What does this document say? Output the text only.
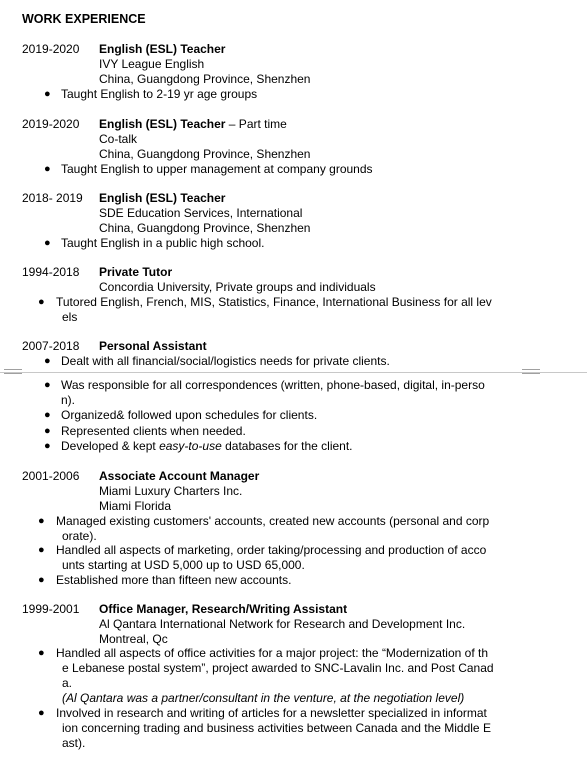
WORK EXPERIENCE
2019-2020 English (ESL) Teacher
IVY League English
China, Guangdong Province, Shenzhen
● Taught English to 2-19 yr age groups
2019-2020 English (ESL) Teacher – Part time
Co-talk
China, Guangdong Province, Shenzhen
● Taught English to upper management at company grounds
2018- 2019 English (ESL) Teacher
SDE Education Services, International
China, Guangdong Province, Shenzhen
● Taught English in a public high school.
1994-2018 Private Tutor
Concordia University, Private groups and individuals
● Tutored English, French, MIS, Statistics, Finance, International Business for all lev
els
2007-2018 Personal Assistant
● Dealt with all financial/social/logistics needs for private clients.
● Was responsible for all correspondences (written, phone-based, digital, in-perso
n).
● Organized& followed upon schedules for clients.
● Represented clients when needed.
● Developed & kept easy-to-use databases for the client.
2001-2006 Associate Account Manager
Miami Luxury Charters Inc.
Miami Florida
● Managed existing customers' accounts, created new accounts (personal and corp
orate).
● Handled all aspects of marketing, order taking/processing and production of acco
unts starting at USD 5,000 up to USD 65,000.
● Established more than fifteen new accounts.
1999-2001 Office Manager, Research/Writing Assistant
Al Qantara International Network for Research and Development Inc.
Montreal, Qc
● Handled all aspects of office activities for a major project: the “Modernization of th
e Lebanese postal system”, project awarded to SNC-Lavalin Inc. and Post Canad
a.
(Al Qantara was a partner/consultant in the venture, at the negotiation level)
● Involved in research and writing of articles for a newsletter specialized in informat
ion concerning trading and business activities between Canada and the Middle E
ast).
